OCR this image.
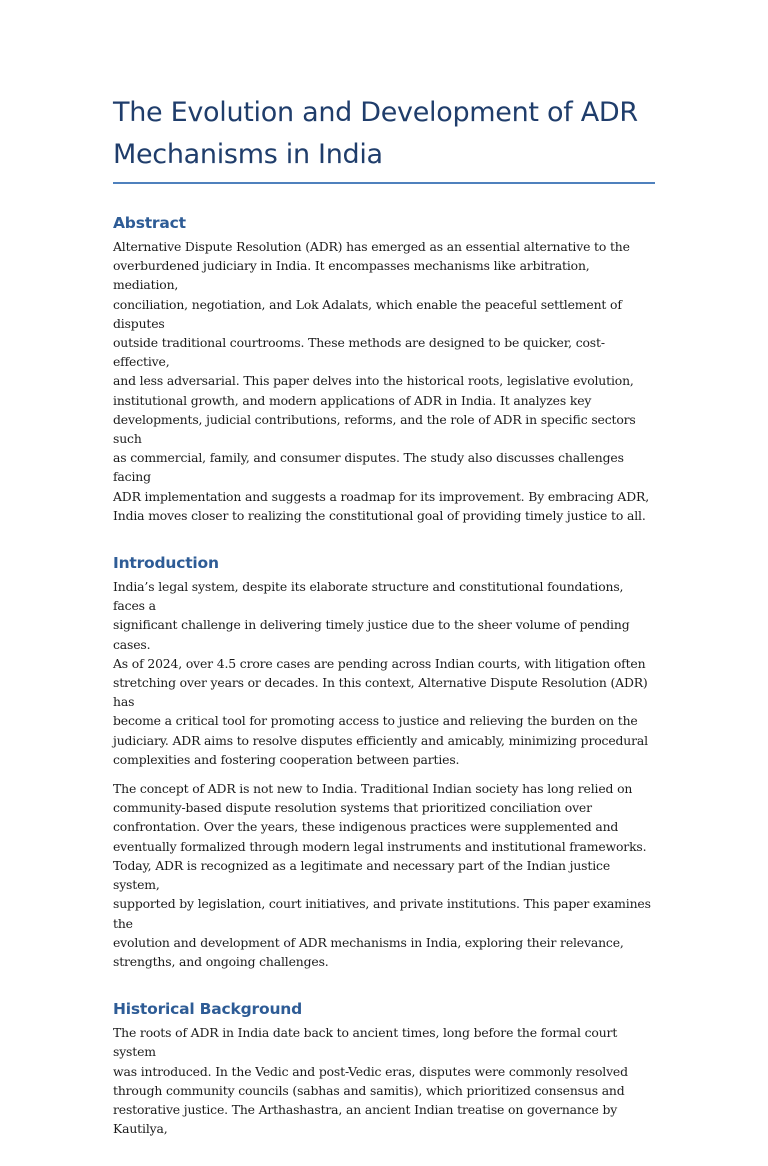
The Evolution and Development of ADR
Mechanisms in India
Abstract

Alternative Dispute Resolution (ADR) has emerged as an essential alternative to the
overburdened judiciary in India. It encompasses mechanisms like arbitration, mediation,
conciliation, negotiation, and Lok Adalats, which enable the peaceful settlement of disputes
outside traditional courtrooms. These methods are designed to be quicker, cost-effective,
and less adversarial. This paper delves into the historical roots, legislative evolution,
institutional growth, and modern applications of ADR in India. It analyzes key
developments, judicial contributions, reforms, and the role of ADR in specific sectors such
as commercial, family, and consumer disputes. The study also discusses challenges facing
ADR implementation and suggests a roadmap for its improvement. By embracing ADR,
India moves closer to realizing the constitutional goal of providing timely justice to all.

Introduction

India’s legal system, despite its elaborate structure and constitutional foundations, faces a
significant challenge in delivering timely justice due to the sheer volume of pending cases.
As of 2024, over 4.5 crore cases are pending across Indian courts, with litigation often
stretching over years or decades. In this context, Alternative Dispute Resolution (ADR) has
become a critical tool for promoting access to justice and relieving the burden on the
judiciary. ADR aims to resolve disputes efficiently and amicably, minimizing procedural
complexities and fostering cooperation between parties.

The concept of ADR is not new to India. Traditional Indian society has long relied on
community-based dispute resolution systems that prioritized conciliation over
confrontation. Over the years, these indigenous practices were supplemented and
eventually formalized through modern legal instruments and institutional frameworks.
Today, ADR is recognized as a legitimate and necessary part of the Indian justice system,
supported by legislation, court initiatives, and private institutions. This paper examines the
evolution and development of ADR mechanisms in India, exploring their relevance,
strengths, and ongoing challenges.

Historical Background

The roots of ADR in India date back to ancient times, long before the formal court system
was introduced. In the Vedic and post-Vedic eras, disputes were commonly resolved
through community councils (sabhas and samitis), which prioritized consensus and
restorative justice. The Arthashastra, an ancient Indian treatise on governance by Kautilya,
